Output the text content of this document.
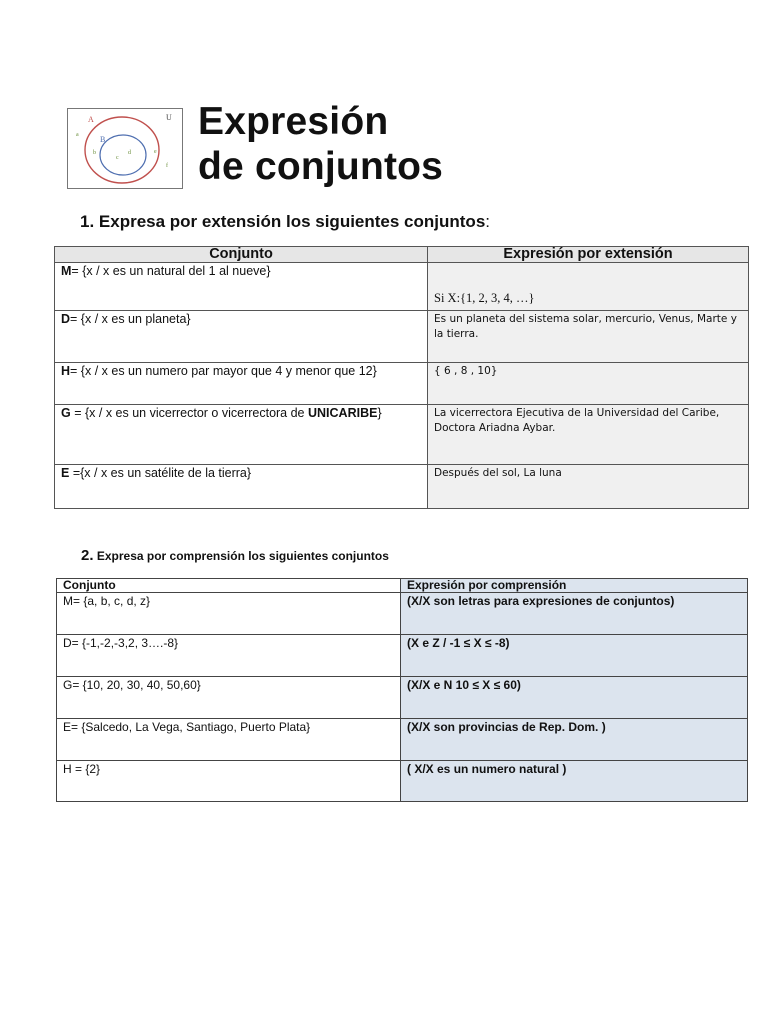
A
B
U
a
b
c
d	e
f
Expresión
de conjuntos
1. Expresa por extensión los siguientes conjuntos:
Conjunto	Expresión por extensión
M= {x / x es un natural del 1 al nueve}	Si X:{1, 2, 3, 4, …}
D= {x / x es un planeta}	Es un planeta del sistema solar, mercurio, Venus, Marte y la tierra.
H= {x / x es un numero par mayor que 4 y menor que 12}	{ 6 , 8 , 10}
G = {x / x es un vicerrector o vicerrectora de UNICARIBE}	La vicerrectora Ejecutiva de la Universidad del Caribe, Doctora Ariadna Aybar.
E ={x / x es un satélite de la tierra}	Después del sol, La luna
2. Expresa por comprensión los siguientes conjuntos
Conjunto	Expresión por comprensión
M= {a, b, c, d, z}	(X/X son letras para expresiones de conjuntos)
D= {-1,-2,-3,2, 3….-8}	(X e Z / -1 ≤ X ≤ -8)
G= {10, 20, 30, 40, 50,60}	(X/X e N 10 ≤ X ≤ 60)
E= {Salcedo, La Vega, Santiago, Puerto Plata}	(X/X son provincias de Rep. Dom. )
H = {2}	( X/X es un numero natural )
